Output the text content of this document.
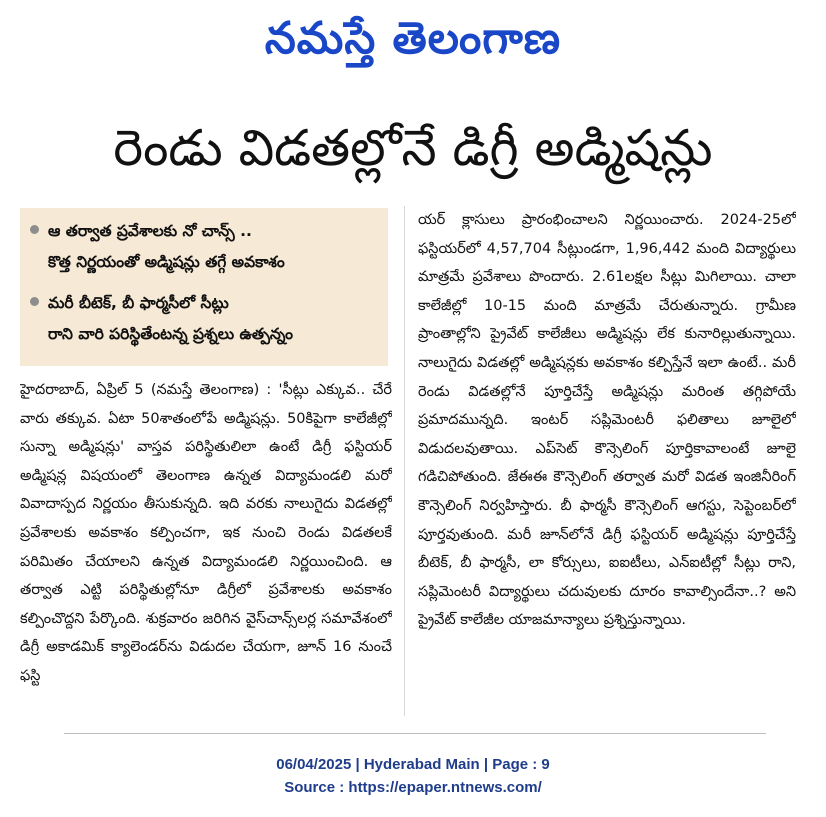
నమస్తే తెలంగాణ
రెండు విడతల్లోనే డిగ్రీ అడ్మిషన్లు
ఆ తర్వాత ప్రవేశాలకు నో చాన్స్ ..
కొత్త నిర్ణయంతో అడ్మిషన్లు తగ్గే అవకాశం
మరీ బీటెక్, బీ ఫార్మసీలో సీట్లు
రాని వారి పరిస్థితేంటన్న ప్రశ్నలు ఉత్పన్నం

హైదరాబాద్, ఏప్రిల్ 5 (నమస్తే తెలంగాణ) : 'సీట్లు ఎక్కువ.. చేరే వారు తక్కువ. ఏటా 50శాతంలోపే అడ్మిషన్లు. 50కిపైగా కాలేజీల్లో సున్నా అడ్మిషన్లు' వాస్తవ పరిస్థితులిలా ఉంటే డిగ్రీ ఫస్టియర్ అడ్మిషన్ల విషయంలో తెలంగాణ ఉన్నత విద్యామండలి మరో వివాదాస్పద నిర్ణయం తీసుకున్నది. ఇది వరకు నాలుగైదు విడతల్లో ప్రవేశాలకు అవకాశం కల్పించగా, ఇక నుంచి రెండు విడతలకే పరిమితం చేయాలని ఉన్నత విద్యామండలి నిర్ణయించింది. ఆ తర్వాత ఎట్టి పరిస్థితుల్లోనూ డిగ్రీలో ప్రవేశాలకు అవకాశం కల్పించొద్దని పేర్కొంది. శుక్రవారం జరిగిన వైస్‌చాన్స్‌లర్ల సమావేశంలో డిగ్రీ అకాడమిక్ క్యాలెండర్‌ను విడుదల చేయగా, జూన్ 16 నుంచే ఫస్టి

యర్ క్లాసులు ప్రారంభించాలని నిర్ణయించారు. 2024-25లో ఫస్టియర్‌లో 4,57,704 సీట్లుండగా, 1,96,442 మంది విద్యార్థులు మాత్రమే ప్రవేశాలు పొందారు. 2.61లక్షల సీట్లు మిగిలాయి. చాలా కాలేజీల్లో 10-15 మంది మాత్రమే చేరుతున్నారు. గ్రామీణ ప్రాంతాల్లోని ప్రైవేట్ కాలేజీలు అడ్మిషన్లు లేక కునారిల్లుతున్నాయి. నాలుగైదు విడతల్లో అడ్మిషన్లకు అవకాశం కల్పిస్తేనే ఇలా ఉంటే.. మరీ రెండు విడతల్లోనే పూర్తిచేస్తే అడ్మిషన్లు మరింత తగ్గిపోయే ప్రమాదమున్నది. ఇంటర్ సప్లిమెంటరీ ఫలితాలు జూలైలో విడుదలవుతాయి. ఎప్‌సెట్ కౌన్సెలింగ్ పూర్తికావాలంటే జూలై గడిచిపోతుంది. జేఈఈ కౌన్సెలింగ్ తర్వాత మరో విడత ఇంజినీరింగ్ కౌన్సెలింగ్ నిర్వహిస్తారు. బీ ఫార్మసీ కౌన్సెలింగ్ ఆగస్టు, సెప్టెంబర్‌లో పూర్తవుతుంది. మరీ జూన్‌లోనే డిగ్రీ ఫస్టియర్ అడ్మిషన్లు పూర్తిచేస్తే బీటెక్, బీ ఫార్మసీ, లా కోర్సులు, ఐఐటీలు, ఎన్‌ఐటీల్లో సీట్లు రాని, సప్లిమెంటరీ విద్యార్థులు చదువులకు దూరం కావాల్సిందేనా..? అని ప్రైవేట్ కాలేజీల యాజమాన్యాలు ప్రశ్నిస్తున్నాయి.

06/04/2025 | Hyderabad Main | Page : 9
Source : https://epaper.ntnews.com/
